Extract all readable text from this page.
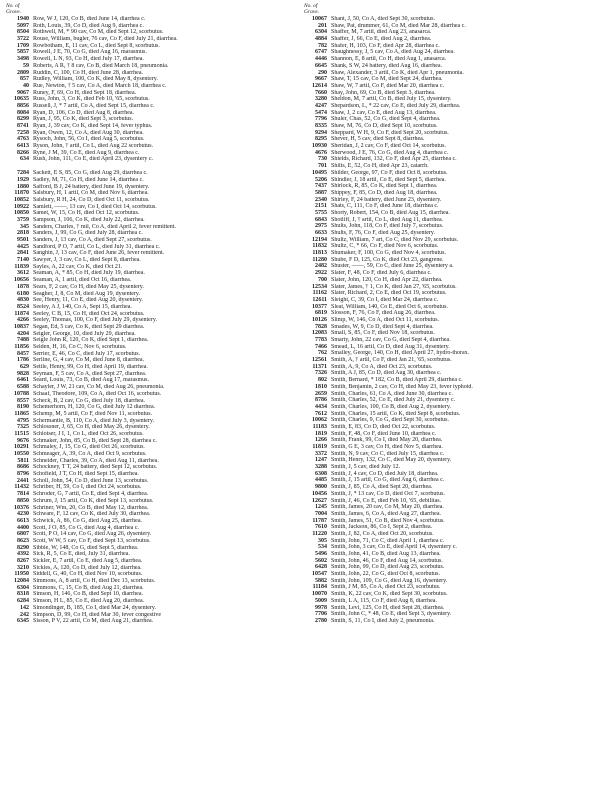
No. of
Grave.
1940 Row, W J, 120, Co B, died June 14, diarrhea c.
5097 Roth, Louis, 39, Co D, died Aug 9, diarrhea c.
8504 Rothwell, M, * 90 cav, Co M, died Sept 12, scorbutus.
3722 Rouse, William, bugler, 76 cav, Co F, died July 21, diarrhea.
1709 Rowbotham, E, 11 cav, Co L, died Sept 8, scorbutus.
5857 Rowell, J E, 70, Co G, died Aug 16, marasmus.
3498 Rowell, L N, 93, Co H, died July 17, diarrhea.
59 Roberts, A R, † 8 cav, Co B, died March 18, pneumonia.
2809 Ruddin, C, 100, Co H, died June 28, diarrhea.
857 Rudley, William, 100, Co K, died May 8, dysentery.
40 Rue, Newton, † 5 cav, Co A, died March 18, diarrhea c.
9067 Runey, F, 69, Co H, died Sept 18, diarrhea.
10635 Russ, John, 3, Co K, died Feb 10, '65, scorbutus.
8856 Russell, J, * 7 artil, Co A, died Sept 15, diarrhea c.
8084 Ryan, D, 106, Co D, died Aug 8, diarrhea.
8299 Ryan, J, 95, Co K, died Sept 3, scorbutus.
8741 Ryan, J, 39 cav, Co K, died Sept 14, fever typhus.
7258 Ryan, Owen, 12, Co A, died Aug 30, diarrhea.
4763 Rysoch, John, 56, Co I, died Aug 5, scorbutus.
6413 Ryson, John, † artil, Co L, died Aug 22 scorbutus.
8266 Ryne, J M, 39, Co E, died Aug 9, diarrhea c.
634 Rush, John, 111, Co E, died April 23, dysentery c.
7284 Sackett, E S, 85, Co G, died Aug 29, diarrhea c.
1929 Sadley, M, 71, Co H, died June 14, diarrhea c.
1880 Safford, B J, 24 battery, died June 19, dysentery.
11870 Salsbury, H, 1 artil, Co M, died Nov 6, diarrhea.
10852 Salsbury, R H, 24, Co D, died Oct 11, scorbutus.
10922 Samlett, ——, 13 cav, Co I, died Oct 14, scorbutus.
10850 Samet, W, 15, Co H, died Oct 12, scorbutus.
3759 Sampson, J, 106, Co K, died July 22, diarrhea.
345 Sanders, Charles, † mil, Co A, died April 2, fever remittent.
2818 Sanders, J, 99, Co G, died July 28, diarrhea c.
9501 Sanders, J, 13 cav, Co A, died Sept 27, scorbutus.
4425 Sandford, P O, 7 artil, Co L, died July 31, diarrhea c.
2841 Sanghin, J, 13 cav, Co F, died June 26, fever remittent.
7140 Sawyer, J, 3 cav, Co L, died Sept 8, diarrhea.
11839 Sayles, A, 22 cav, Co K, died Oct 21.
3612 Seaman, A, * 85, Co H, died July 19, diarrhea.
10656 Seaman, A, 1 artil, died Oct 16, diarrhea.
1878 Sears, F, 2 cav, Co H, died May 25, dysentery.
6180 Seagher, J, 8, Co M, died Aug 19, dysentery.
4830 See, Henry, 11, Co E, died Aug 20, dysentery.
8524 Seeley, A J, 140, Co A, Sept 15, diarrhea.
11874 Seeley, C B, 15, Co H, died Oct 24, scorbutus.
4266 Seeley, Thomas, 100, Co F, died July 29, dysentery.
10837 Segan, Ed, 5 cav, Co K, died Sept 29 diarrhea.
4204 Seigler, George, 10, died July 29, diarrhea.
7488 Seigle John R, 120, Co K, died Sept 1, diarrhea.
11856 Selden, H, 16, Co C, Nov 6, scorbutus.
8457 Serrier, E, 46, Co C, died July 17, scorbutus.
1786 Serline, G, 4 cav, Co M, died June 8, diarrhea.
629 Settle, Henry, 99, Co H, died April 19, diarrhea.
9828 Seyman, F, 5 cav, Co A, died Sept 27, diarrhea.
6461 Seard, Louis, 73, Co B, died Aug 17, marasmus.
6588 Schayler, J W, 21 cav, Co M, died Aug 26, pneumonia.
10788 Schaaf, Theodore, 109, Co A, died Oct 16, scorbutus.
8557 Scheck, B, 2 cav, Co G, died July 18, diarrhea.
8190 Schemerhorn, H, 120, Co G, died July 12 diarrhea.
11865 Schemp, M, 5 artil, Co F, died Nov 11, scorbutus.
4795 Schermantle, B, 110, Co A, died July 3, dysentery.
7325 Schlossner, J, 65, Co H, died May 26, dysentery.
11515 Schlotser, J I, 1, Co L, died Oct 26, scorbutus.
9676 Schmaker, John, 85, Co B, died Sept 28, diarrhea c.
10291 Schmaley, J, 15, Co G, died Oct 26, scorbutus.
10550 Schmeager, A, 39, Co A, died Oct 9, scorbutus.
5811 Schneider, Charles, 39, Co A, died Aug 11, diarrhea.
8686 Schockney, T T, 24 battery, died Sept 12, scorbutus.
8796 Schofield, J T, Co H, died Sept 15, diarrhea.
2441 Scholl, John, 54, Co D, died June 13, scorbutus.
11432 Schriber, H, 59, Co I, died Oct 24, scorbutus.
7814 Schroder, G, 7 artil, Co E, died Sept 4, diarrhea.
8850 Schrum, J, 15 artil, Co K, died Sept 13, scorbutus.
10376 Schriner, Wm, 20, Co B, died May 12, diarrhea.
4230 Schware, F, 12 cav, Co K, died July 30, diarrhea.
6613 Schwick, A, 86, Co G, died Aug 25, diarrhea.
4400 Scott, J O, 85, Co G, died Aug 4, diarrhea c.
6807 Scott, P O, 14 cav, Co G, died Aug 26, dysentery.
8623 Scott, W W, 5 cav, Co F, died Sept 13, scorbutus.
8290 Sibble, W, 148, Co G, died Sept 5, diarrhea.
4392 Sick, R, 5, Co E, died, July 31, diarrhea.
8267 Sickler, E, 7 artil, Co E, died Aug 5, diarrhea.
3210 Sickles, A, 120, Co D, died July 12, diarrhea.
11950 Siddell, G, 40, Co H, died Nov 10, scorbutus.
12084 Simmons, A, 8 artil, Co H, died Dec 13, scorbutus.
6304 Simmons, C, 15, Co B, died Aug 21, diarrhea.
8318 Simson, H, 146, Co B, died Sept 10, diarrhea.
6284 Simson, H L, 85, Co E, died Aug 20, diarrhea.
142 Simondinger, B, 185, Co I, died Mar 24, dysentery.
242 Simpson, D, 99, Co H, died Mar 30, fever congestive
6345 Sisson, P V, 22 artil, Co M, died Aug 21, diarrhea.
No. of
Grave.
10067 Shant, J, 50, Co A, died Sept 30, scorbutus.
201 Shaw, Pat, drummer, 61, Co M, died Mar 28, diarrhea c.
6304 Shaffer, M, 7 artil, died Aug 23, anasarca.
4884 Shaffer, J, 66, Co E, died Aug 2, diarrhea.
782 Shafer, H, 103, Co F, died Apr 28, diarrhea c.
6747 Shaughnessy, J, 5 cav, Co A, died Aug 24, diarrhea.
4446 Shannon, E, 8 artil, Co H, died Aug 1, anasarca.
6645 Shank, S W, 24 battery, died Aug 16, diarrhea.
290 Shaw, Alexander, 3 artil, Co K, died Apr 1, pneumonia.
9667 Shaw, T, 15 cav, Co M, died Sept 24, diarrhea.
12614 Shaw, W, 7 artil, Co F, died Mar 20, diarrhea c.
7660 Shay, John, 69, Co B, died Sept 3, diarrhea.
3280 Sheldon, M, 7 artil, Co B, died July 15, dysentery.
4247 Shepardson, L, * 22 cav, Co E, died July 29, diarrhea.
5474 Shaw, J, 2 cav, Co E, died Aug 13, diarrhea.
7796 Shuler, Chas, 52, Co G, died Sept 4, diarrhea.
8335 Shaw, M, 76, Co D, died Sept 10, scorbutus.
9294 Sheppard, W H, 9, Co F, died Sept 20, scorbutus.
8295 Shever, H, 5 cav, died Sept 8, diarrhea.
10930 Sheridan, J, 2 cav, Co F, died Oct 14, scorbutus.
4676 Sherwood, J E, 76, Co G, died Aug 4, diarrhea c.
730 Shields, Richard, 132, Co F, died Apr 25, diarrhea c.
701 Shilts, E, 52, Co H, died Apr 23, catarrh.
10495 Shilder, George, 97, Co F, died Oct 8, scorbutus.
5206 Shindler, J, 18 artil, Co E, died Sept 5, diarrhea.
7437 Shirlock, R, 85, Co K, died Sept 1, diarrhea.
5887 Shippey, F, 85, Co D, died Aug 18, diarrhea.
2340 Shirley, F, 24 battery, died June 23, dysentery.
2151 Shats, C, 111, Co F, died June 18, diarrhea c.
5755 Shorty, Robert, 154, Co B, died Aug 15, diarrhea.
6843 Shotliff, J, † artil, Co L, died Aug 11, diarrhea.
2975 Shults, John, 118, Co F, died July 7, scorbutus.
6633 Shults, F, 76, Co F, died Aug 25, dysentery.
12194 Shultz, William, 7 art, Co C, died Nov 29, scorbutus.
11832 Shultz, C, * 66, Co F, died Nov 6, scorbutus.
11813 Shumaker, F, 100, Co G, died Nov 4, scorbutus.
11280 Shube, F D, 125, Co K, died Oct 23, gangrene.
2482 Shuster, ——, 59, Co C, died June 25, dysentery a.
2922 Slater, F, 48, Co F, died July 6, diarrhea c.
700 Slater, John, 120, Co H, died Apr 22, diarrhea.
12534 Slater, James, † 1, Co K, died Jan 27, '65, scorbutus.
11162 Slater, Richard, 2, Co E, died Oct 19, scorbutus.
12611 Sleight, C, 39, Co I, died Mar 24, diarrhea c.
10377 Sleat, William, 140, Co E, died Oct 6, scorbutus.
6819 Slosson, F, 76, Co F, died Aug 26, diarrhea.
10126 Slimp, W, 146, Co A, died Oct 11, scorbutus.
7828 Smades, W, 9, Co D, died Sept 4, diarrhea.
12083 Small, S, 85, Co F, died Nov 18, scorbutus.
7783 Smarty, John, 22 cav, Co G, died Sept 4, diarrhea.
7466 Smead, L, 16 artil, Co D, died Aug 31, dysentery.
762 Smalley, George, 140, Co H, died April 27, hydro-thorax.
12561 Smith, A, † artil, Co F, died Jan 21, '65, scorbutus.
11371 Smith, A, 9, Co A, died Oct 23, scorbutus.
7326 Smith, A J, 85, Co D, died Aug 30, diarrhea c.
802 Smith, Bernard, * 182, Co B, died April 29, diarrhea c.
1810 Smith, Benjamin, 2 cav, Co H, died May 23, fever typhoid.
2659 Smith, Charles, 61, Co A, died June 30, diarrhea c.
8786 Smith, Charles, 52, Co E, died July 21, dysentery c.
4434 Smith, Charles, 100, Co B, died Aug 2, dysentery.
7612 Smith, Charles, 15 artil, Co K, died Sept 8, scorbutus.
10062 Smith, Charles, 9, Co G, died Sept 30, scorbutus.
11183 Smith, E, 83, Co D, died Oct 22, scorbutus.
1819 Smith, F, 48, Co F, died June 10, diarrhea c.
1266 Smith, Frank, 99, Co I, died May 20, diarrhea.
11819 Smith, G E, 3 cav, Co H, died Nov 5, diarrhea.
3372 Smith, N, 9 cav, Co C, died July 15, diarrhea c.
1247 Smith, Henry, 132, Co C, died May 20, dysentery.
3288 Smith, J, 5 cav, died July 12.
6308 Smith, J, 4 cav, Co D, died July 18, diarrhea.
4485 Smith, J, 15 artil, Co G, died Aug 6, diarrhea c.
9800 Smith, J, 85, Co A, died Sept 20, diarrhea.
10456 Smith, J, * 13 cav, Co D, died Oct 7, scorbutus.
12627 Smith, J, 46, Co E, died Feb 10, '65, debilitas.
1245 Smith, James, 20 cav, Co M, May 20, diarrhea.
7004 Smith, James, 6, Co A, died Aug 27, diarrhea.
11787 Smith, James, 51, Co B, died Nov 4, scorbutus.
7610 Smith, Jackson, 86, Co I, Sept 2, diarrhea.
11220 Smith, J, 82, Co A, died Oct 20, scorbutus.
305 Smith, John, 71, Co C, died April 1, diarrhea c.
534 Smith, John, 3 cav, Co E, died April 14, dysentery c.
5496 Smith, John, 41, Co B, died Aug 13, diarrhea.
5602 Smith, John, 46, Co F, died Aug 14, scorbutus.
6428 Smith, John, 99, Co D, died Aug 23, scorbutus.
10547 Smith, John, 22, Co G, died Oct 8, scorbutus.
5882 Smith, John, 109, Co G, died Aug 16, dysentery.
11184 Smith, J M, 85, Co A, died Oct 23, scorbutus.
10070 Smith, K, 22 cav, Co K, died Sept 30, scorbutus.
5009 Smith, L A, 115, Co F, died Aug 8, diarrhea.
9978 Smith, Levi, 125, Co H, died Sept 28, diarrhea.
7706 Smith, John C, * 48, Co E, died Sept 3, dysentery.
2780 Smith, S, 11, Co I, died July 2, pneumonia.
